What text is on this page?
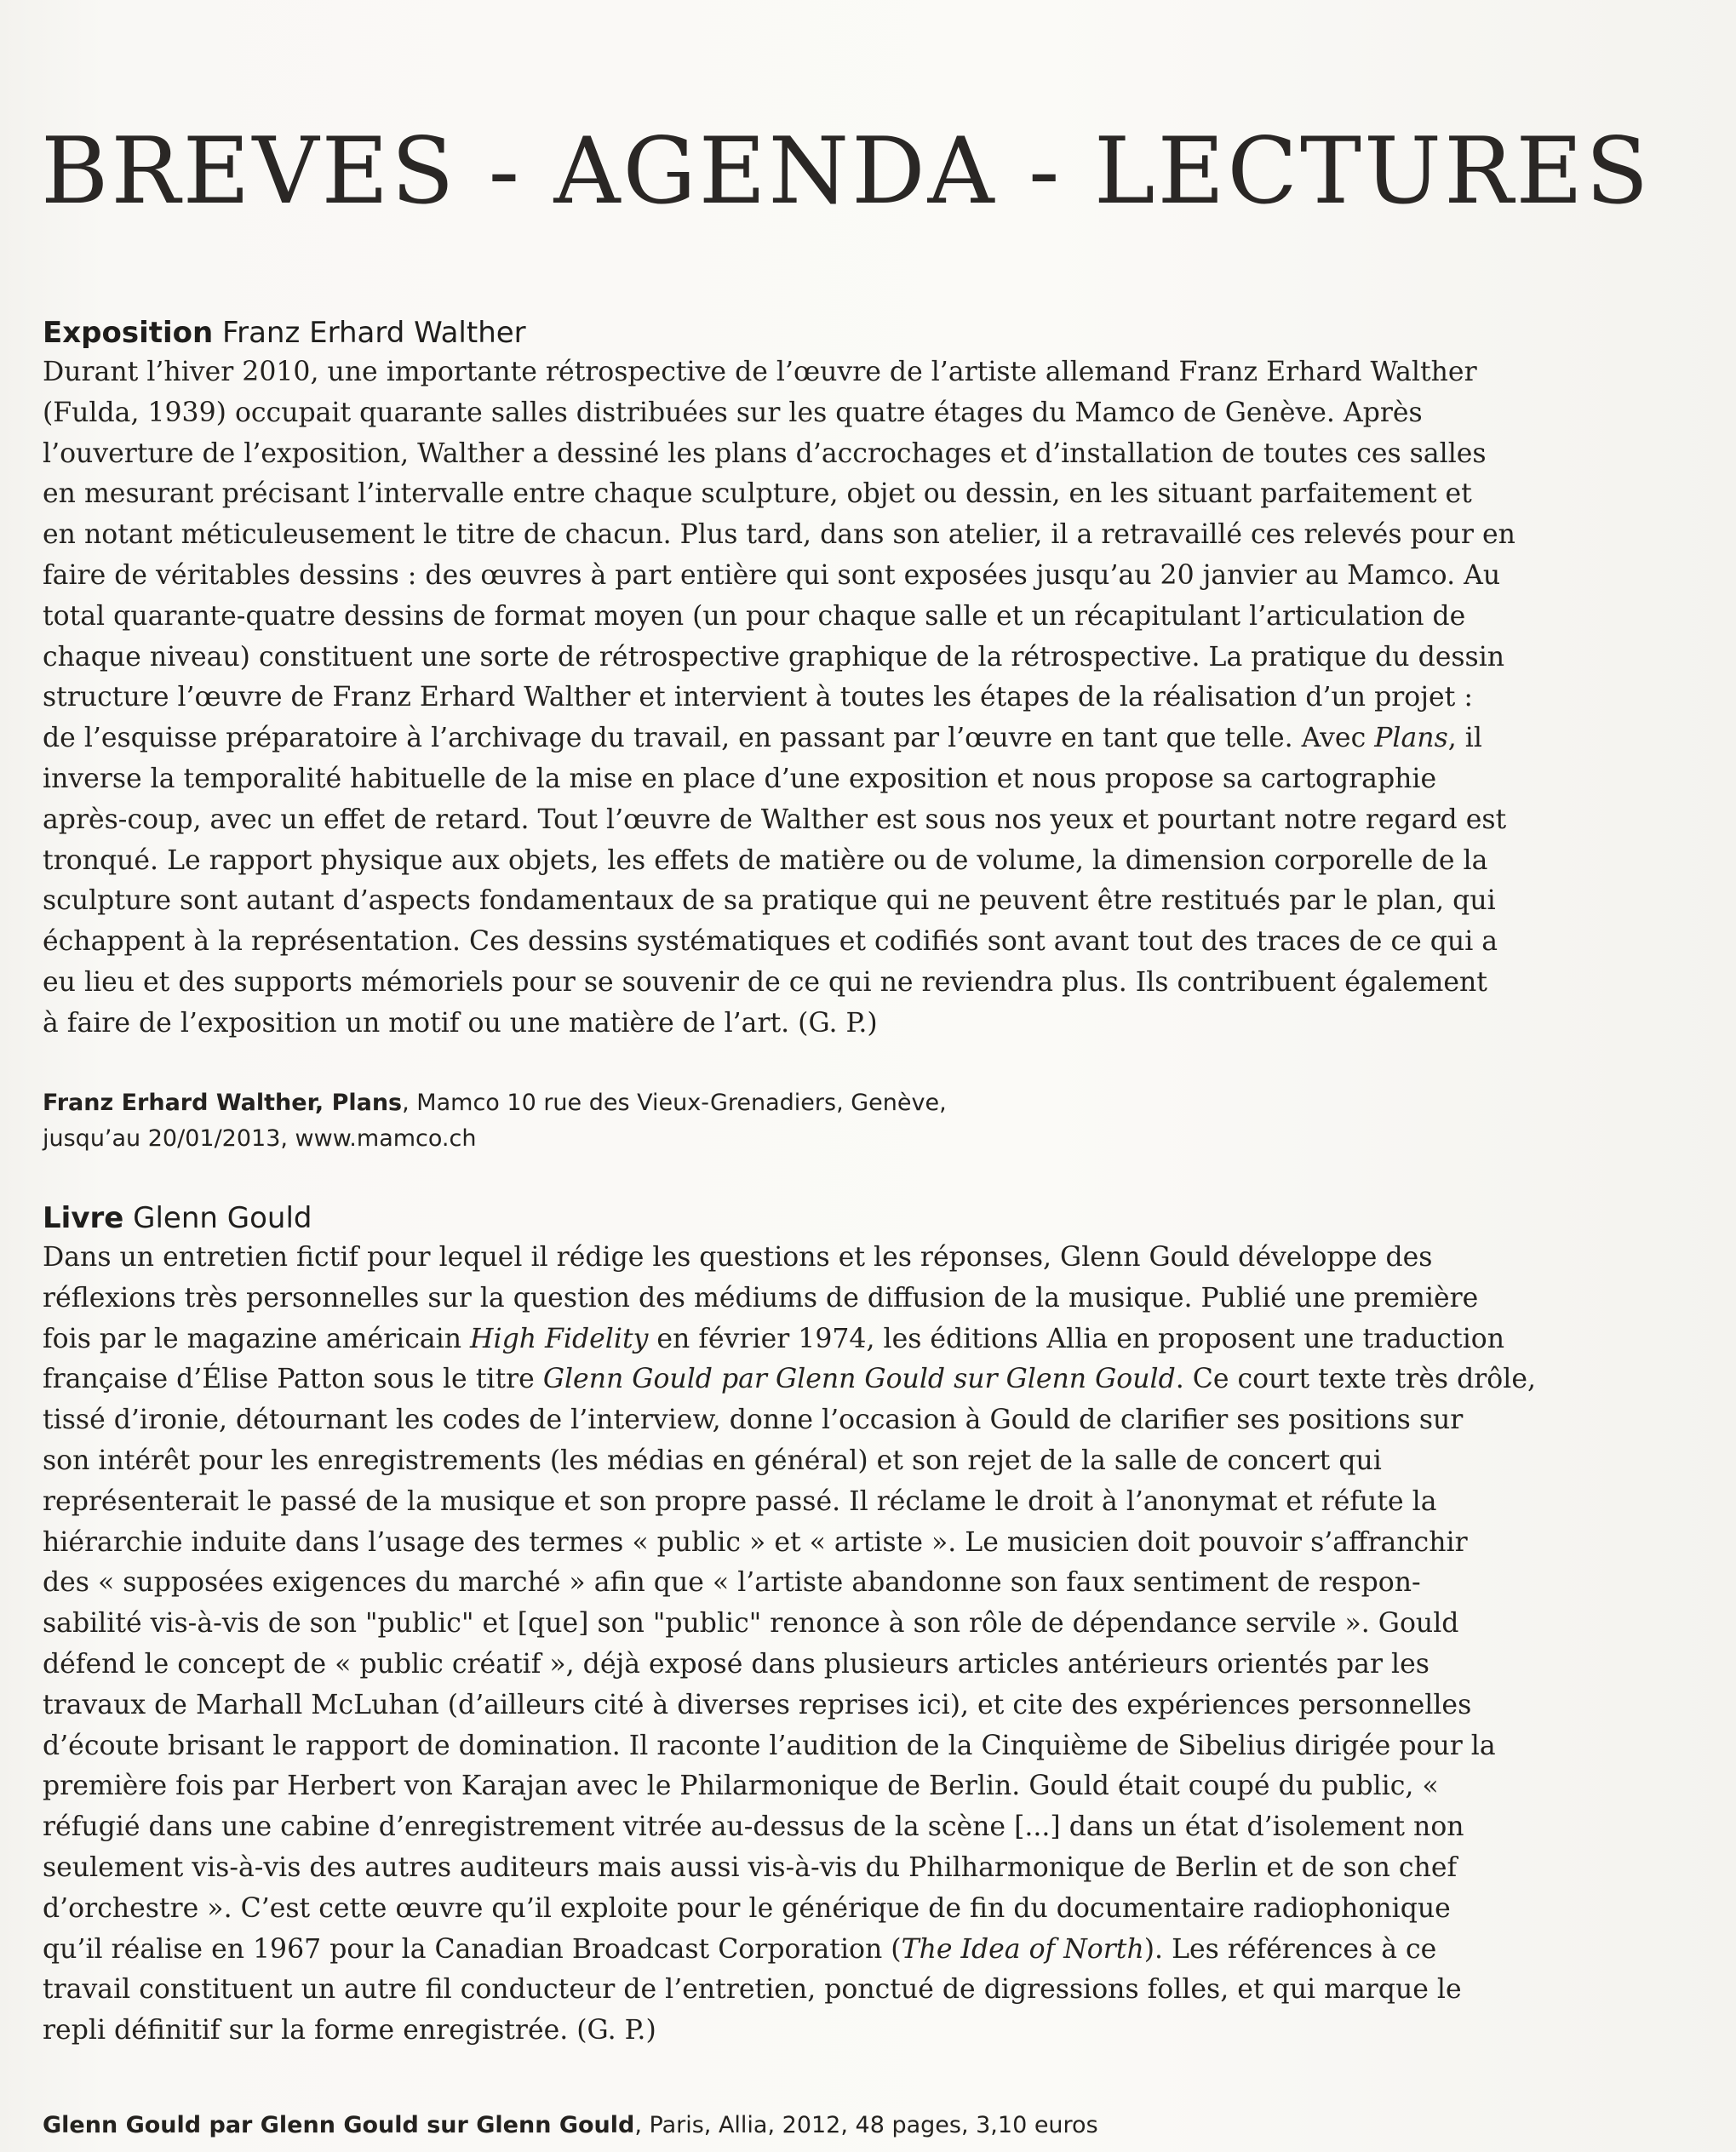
BREVES - AGENDA - LECTURES
Exposition Franz Erhard Walther

Durant l’hiver 2010, une importante rétrospective de l’œuvre de l’artiste allemand Franz Erhard Walther
(Fulda, 1939) occupait quarante salles distribuées sur les quatre étages du Mamco de Genève. Après
l’ouverture de l’exposition, Walther a dessiné les plans d’accrochages et d’installation de toutes ces salles
en mesurant précisant l’intervalle entre chaque sculpture, objet ou dessin, en les situant parfaitement et
en notant méticuleusement le titre de chacun. Plus tard, dans son atelier, il a retravaillé ces relevés pour en
faire de véritables dessins : des œuvres à part entière qui sont exposées jusqu’au 20 janvier au Mamco. Au
total quarante-quatre dessins de format moyen (un pour chaque salle et un récapitulant l’articulation de
chaque niveau) constituent une sorte de rétrospective graphique de la rétrospective. La pratique du dessin
structure l’œuvre de Franz Erhard Walther et intervient à toutes les étapes de la réalisation d’un projet :
de l’esquisse préparatoire à l’archivage du travail, en passant par l’œuvre en tant que telle. Avec Plans, il
inverse la temporalité habituelle de la mise en place d’une exposition et nous propose sa cartographie
après-coup, avec un effet de retard. Tout l’œuvre de Walther est sous nos yeux et pourtant notre regard est
tronqué. Le rapport physique aux objets, les effets de matière ou de volume, la dimension corporelle de la
sculpture sont autant d’aspects fondamentaux de sa pratique qui ne peuvent être restitués par le plan, qui
échappent à la représentation. Ces dessins systématiques et codifiés sont avant tout des traces de ce qui a
eu lieu et des supports mémoriels pour se souvenir de ce qui ne reviendra plus. Ils contribuent également
à faire de l’exposition un motif ou une matière de l’art. (G. P.)

Franz Erhard Walther, Plans, Mamco 10 rue des Vieux-Grenadiers, Genève,
jusqu’au 20/01/2013, www.mamco.ch
Livre Glenn Gould

Dans un entretien fictif pour lequel il rédige les questions et les réponses, Glenn Gould développe des
réflexions très personnelles sur la question des médiums de diffusion de la musique. Publié une première
fois par le magazine américain High Fidelity en février 1974, les éditions Allia en proposent une traduction
française d’Élise Patton sous le titre Glenn Gould par Glenn Gould sur Glenn Gould. Ce court texte très drôle,
tissé d’ironie, détournant les codes de l’interview, donne l’occasion à Gould de clarifier ses positions sur
son intérêt pour les enregistrements (les médias en général) et son rejet de la salle de concert qui
représenterait le passé de la musique et son propre passé. Il réclame le droit à l’anonymat et réfute la
hiérarchie induite dans l’usage des termes « public » et « artiste ». Le musicien doit pouvoir s’affranchir
des « supposées exigences du marché » afin que « l’artiste abandonne son faux sentiment de respon-
sabilité vis-à-vis de son "public" et [que] son "public" renonce à son rôle de dépendance servile ». Gould
défend le concept de « public créatif », déjà exposé dans plusieurs articles antérieurs orientés par les
travaux de Marhall McLuhan (d’ailleurs cité à diverses reprises ici), et cite des expériences personnelles
d’écoute brisant le rapport de domination. Il raconte l’audition de la Cinquième de Sibelius dirigée pour la
première fois par Herbert von Karajan avec le Philarmonique de Berlin. Gould était coupé du public, «
réfugié dans une cabine d’enregistrement vitrée au-dessus de la scène [...] dans un état d’isolement non
seulement vis-à-vis des autres auditeurs mais aussi vis-à-vis du Philharmonique de Berlin et de son chef
d’orchestre ». C’est cette œuvre qu’il exploite pour le générique de fin du documentaire radiophonique
qu’il réalise en 1967 pour la Canadian Broadcast Corporation (The Idea of North). Les références à ce
travail constituent un autre fil conducteur de l’entretien, ponctué de digressions folles, et qui marque le
repli définitif sur la forme enregistrée. (G. P.)

Glenn Gould par Glenn Gould sur Glenn Gould, Paris, Allia, 2012, 48 pages, 3,10 euros
